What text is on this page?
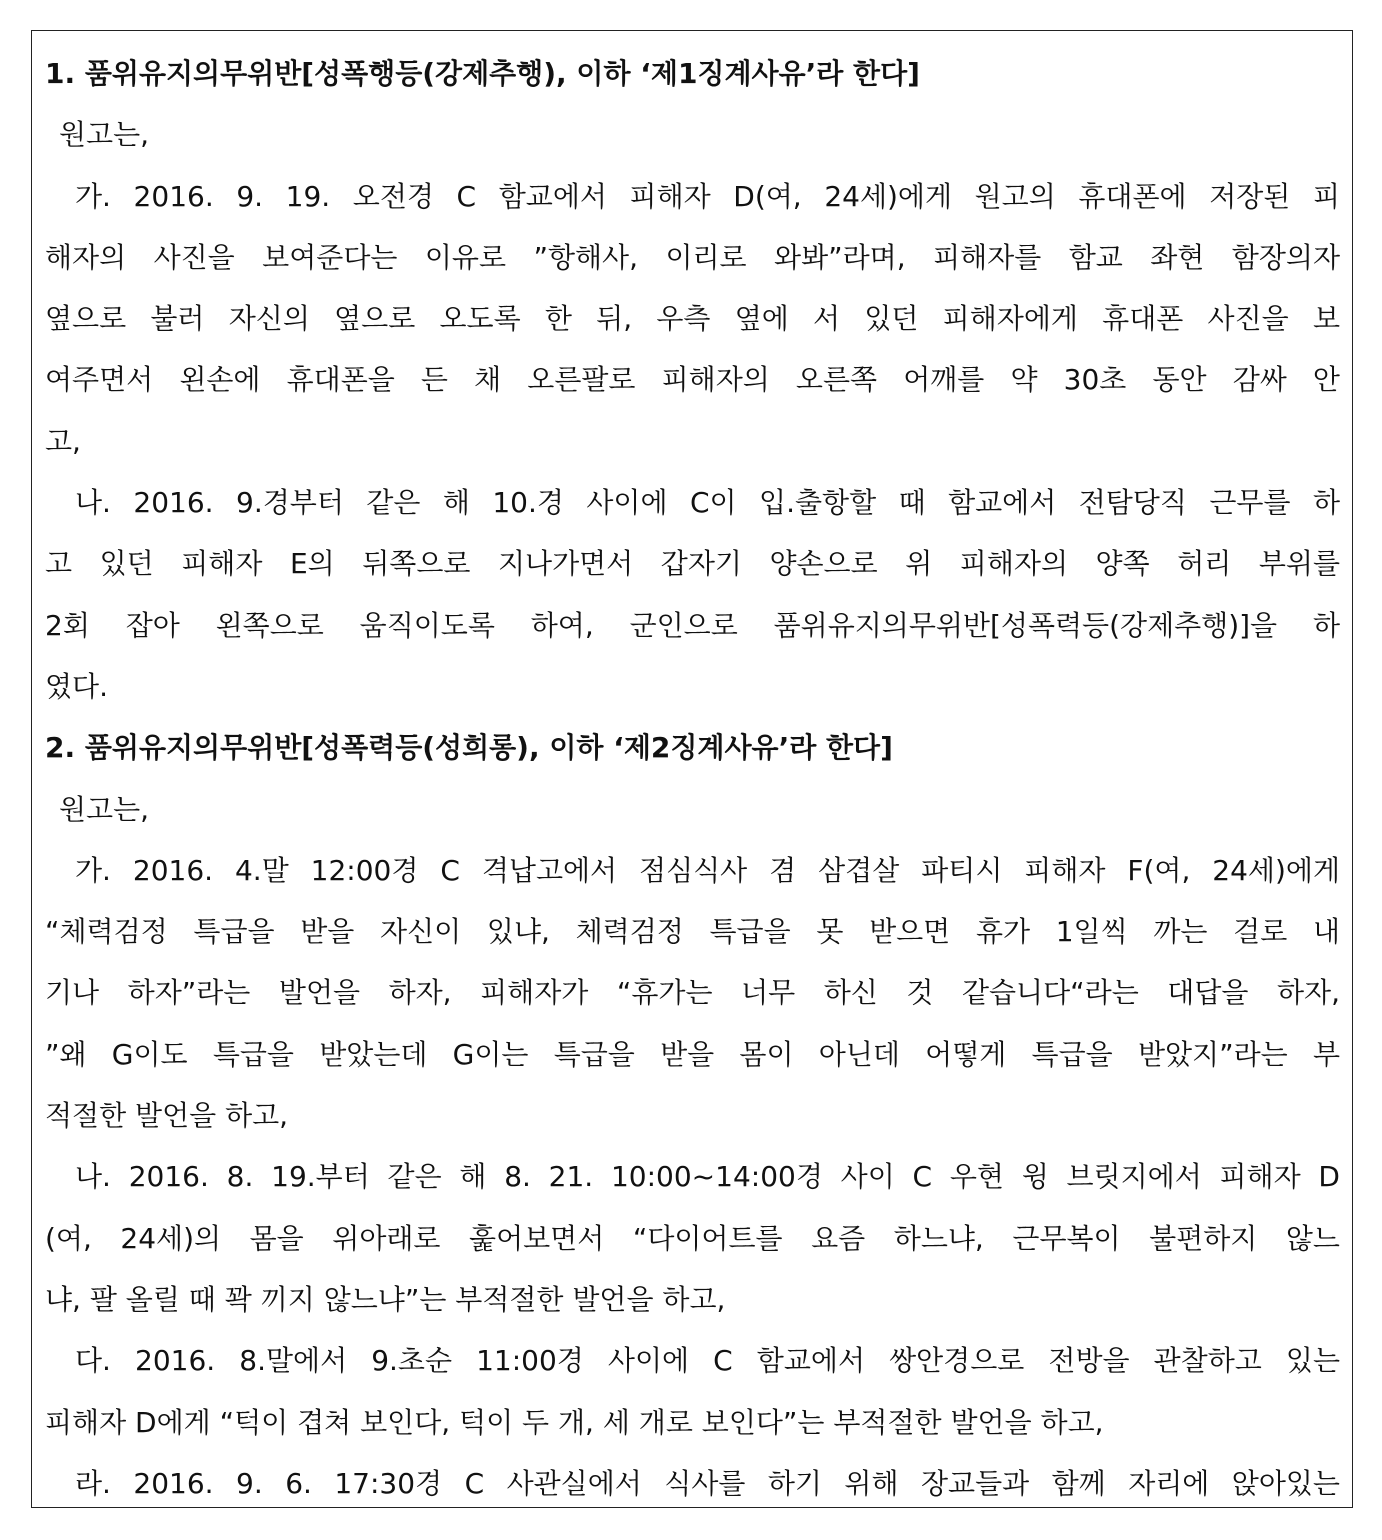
1. 품위유지의무위반[성폭행등(강제추행), 이하 ‘제1징계사유’라 한다]
원고는,
가. 2016. 9. 19. 오전경 C 함교에서 피해자 D(여, 24세)에게 원고의 휴대폰에 저장된 피
해자의 사진을 보여준다는 이유로 ”항해사, 이리로 와봐”라며, 피해자를 함교 좌현 함장의자
옆으로 불러 자신의 옆으로 오도록 한 뒤, 우측 옆에 서 있던 피해자에게 휴대폰 사진을 보
여주면서 왼손에 휴대폰을 든 채 오른팔로 피해자의 오른쪽 어깨를 약 30초 동안 감싸 안
고,
나. 2016. 9.경부터 같은 해 10.경 사이에 C이 입.출항할 때 함교에서 전탐당직 근무를 하
고 있던 피해자 E의 뒤쪽으로 지나가면서 갑자기 양손으로 위 피해자의 양쪽 허리 부위를
2회 잡아 왼쪽으로 움직이도록 하여, 군인으로 품위유지의무위반[성폭력등(강제추행)]을 하
였다.
2. 품위유지의무위반[성폭력등(성희롱), 이하 ‘제2징계사유’라 한다]
원고는,
가. 2016. 4.말 12:00경 C 격납고에서 점심식사 겸 삼겹살 파티시 피해자 F(여, 24세)에게
“체력검정 특급을 받을 자신이 있냐, 체력검정 특급을 못 받으면 휴가 1일씩 까는 걸로 내
기나 하자”라는 발언을 하자, 피해자가 “휴가는 너무 하신 것 같습니다“라는 대답을 하자,
”왜 G이도 특급을 받았는데 G이는 특급을 받을 몸이 아닌데 어떻게 특급을 받았지”라는 부
적절한 발언을 하고,
나. 2016. 8. 19.부터 같은 해 8. 21. 10:00~14:00경 사이 C 우현 윙 브릿지에서 피해자 D
(여, 24세)의 몸을 위아래로 훑어보면서 “다이어트를 요즘 하느냐, 근무복이 불편하지 않느
냐, 팔 올릴 때 꽉 끼지 않느냐”는 부적절한 발언을 하고,
다. 2016. 8.말에서 9.초순 11:00경 사이에 C 함교에서 쌍안경으로 전방을 관찰하고 있는
피해자 D에게 “턱이 겹쳐 보인다, 턱이 두 개, 세 개로 보인다”는 부적절한 발언을 하고,
라. 2016. 9. 6. 17:30경 C 사관실에서 식사를 하기 위해 장교들과 함께 자리에 앉아있는
